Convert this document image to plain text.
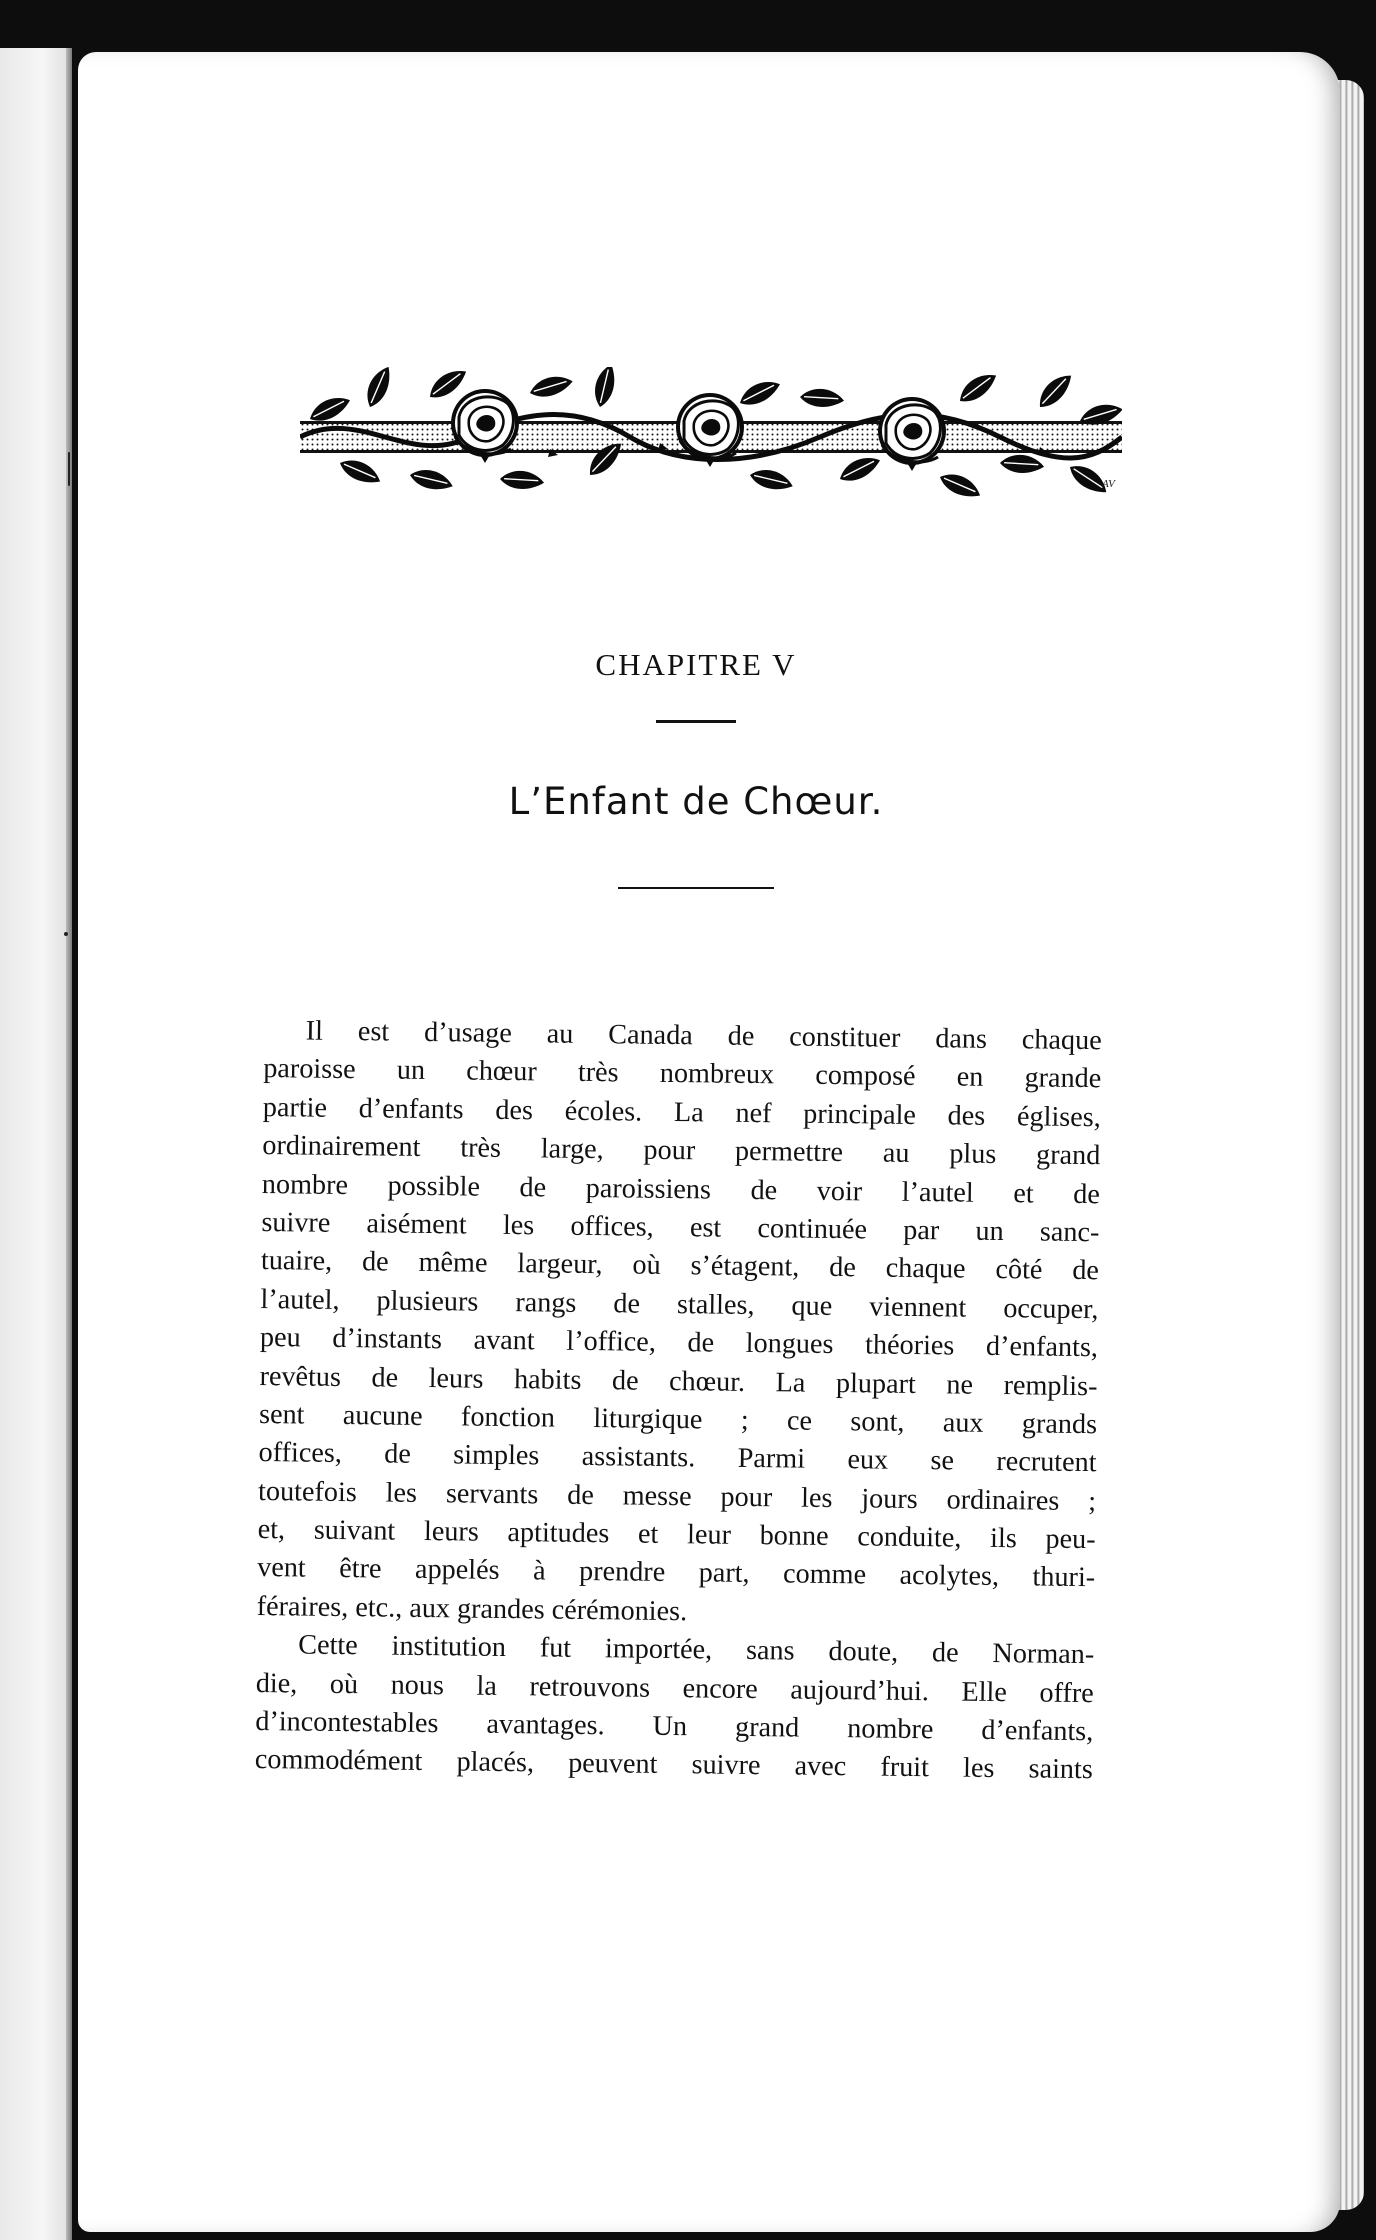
AV
CHAPITRE V
L’Enfant de Chœur.
Il est d’usage au Canada de constituer dans chaque
paroisse un chœur très nombreux composé en grande
partie d’enfants des écoles. La nef principale des églises,
ordinairement très large, pour permettre au plus grand
nombre possible de paroissiens de voir l’autel et de
suivre aisément les offices, est continuée par un sanc-
tuaire, de même largeur, où s’étagent, de chaque côté de
l’autel, plusieurs rangs de stalles, que viennent occuper,
peu d’instants avant l’office, de longues théories d’enfants,
revêtus de leurs habits de chœur. La plupart ne remplis-
sent aucune fonction liturgique ; ce sont, aux grands
offices, de simples assistants. Parmi eux se recrutent
toutefois les servants de messe pour les jours ordinaires ;
et, suivant leurs aptitudes et leur bonne conduite, ils peu-
vent être appelés à prendre part, comme acolytes, thuri-
féraires, etc., aux grandes cérémonies.
Cette institution fut importée, sans doute, de Norman-
die, où nous la retrouvons encore aujourd’hui. Elle offre
d’incontestables avantages. Un grand nombre d’enfants,
commodément placés, peuvent suivre avec fruit les saints
